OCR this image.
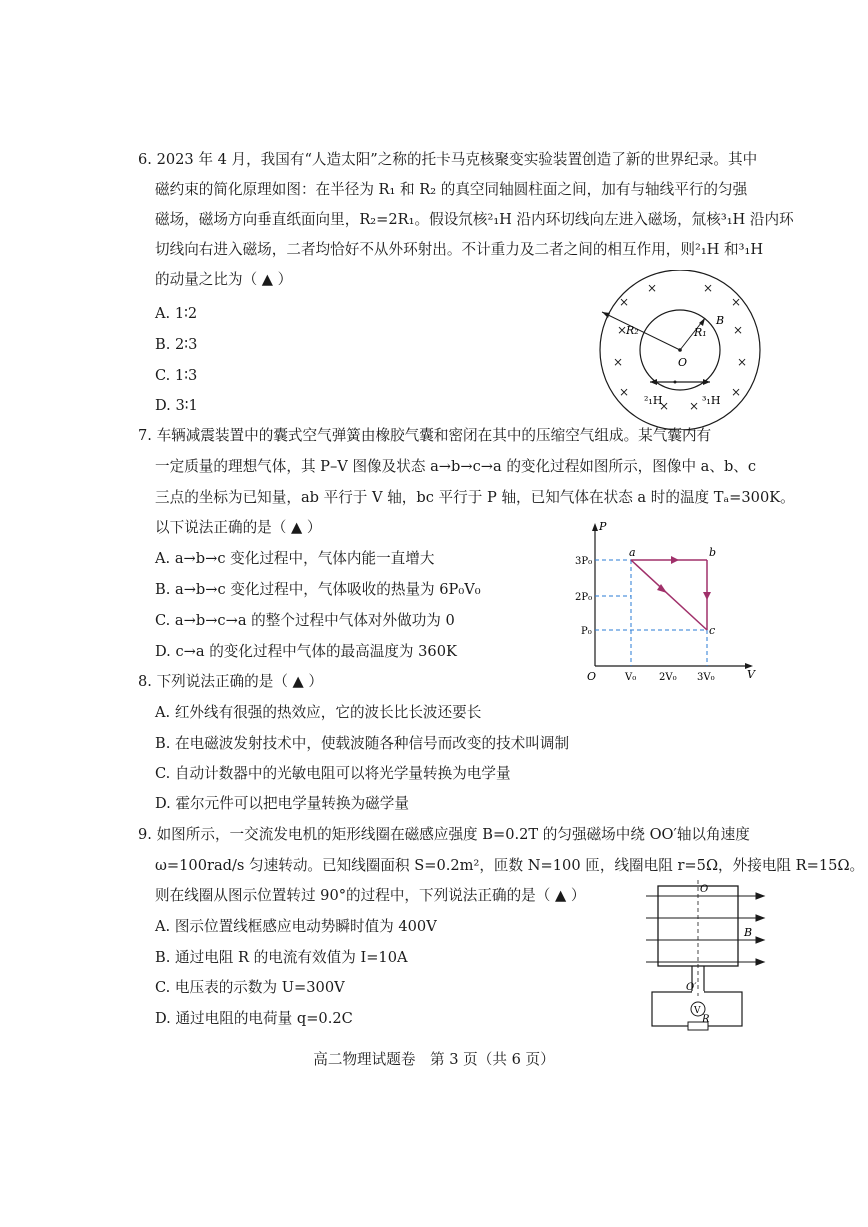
6. 2023 年 4 月，我国有“人造太阳”之称的托卡马克核聚变实验装置创造了新的世界纪录。其中
磁约束的简化原理如图：在半径为 R₁ 和 R₂ 的真空同轴圆柱面之间，加有与轴线平行的匀强
磁场，磁场方向垂直纸面向里，R₂=2R₁。假设氘核²₁H 沿内环切线向左进入磁场，氚核³₁H 沿内环
切线向右进入磁场，二者均恰好不从外环射出。不计重力及二者之间的相互作用，则²₁H 和³₁H
的动量之比为（ ▲ ）
A. 1∶2
B. 2∶3
C. 1∶3
D. 3∶1
×
×	×
×
×	×
×	×
×	×
× ×
R₂	R₁
B
O
²₁H	³₁H
7. 车辆减震装置中的囊式空气弹簧由橡胶气囊和密闭在其中的压缩空气组成。某气囊内有
一定质量的理想气体，其 P–V 图像及状态 a→b→c→a 的变化过程如图所示，图像中 a、b、c
三点的坐标为已知量，ab 平行于 V 轴，bc 平行于 P 轴，已知气体在状态 a 时的温度 Tₐ=300K。
以下说法正确的是（ ▲ ）
A. a→b→c 变化过程中，气体内能一直增大
B. a→b→c 变化过程中，气体吸收的热量为 6P₀V₀
C. a→b→c→a 的整个过程中气体对外做功为 0
D. c→a 的变化过程中气体的最高温度为 360K
P
V
O
3P₀
2P₀
P₀
V₀ 2V₀ 3V₀
a	b
c
8. 下列说法正确的是（ ▲ ）
A. 红外线有很强的热效应，它的波长比长波还要长
B. 在电磁波发射技术中，使载波随各种信号而改变的技术叫调制
C. 自动计数器中的光敏电阻可以将光学量转换为电学量
D. 霍尔元件可以把电学量转换为磁学量
9. 如图所示，一交流发电机的矩形线圈在磁感应强度 B=0.2T 的匀强磁场中绕 OO′轴以角速度
ω=100rad/s 匀速转动。已知线圈面积 S=0.2m²，匝数 N=100 匝，线圈电阻 r=5Ω，外接电阻 R=15Ω。
则在线圈从图示位置转过 90°的过程中，下列说法正确的是（ ▲ ）
A. 图示位置线框感应电动势瞬时值为 400V
B. 通过电阻 R 的电流有效值为 I=10A
C. 电压表的示数为 U=300V
D. 通过电阻的电荷量 q=0.2C
O
O′
B
V
R
高二物理试题卷　第 3 页（共 6 页）
